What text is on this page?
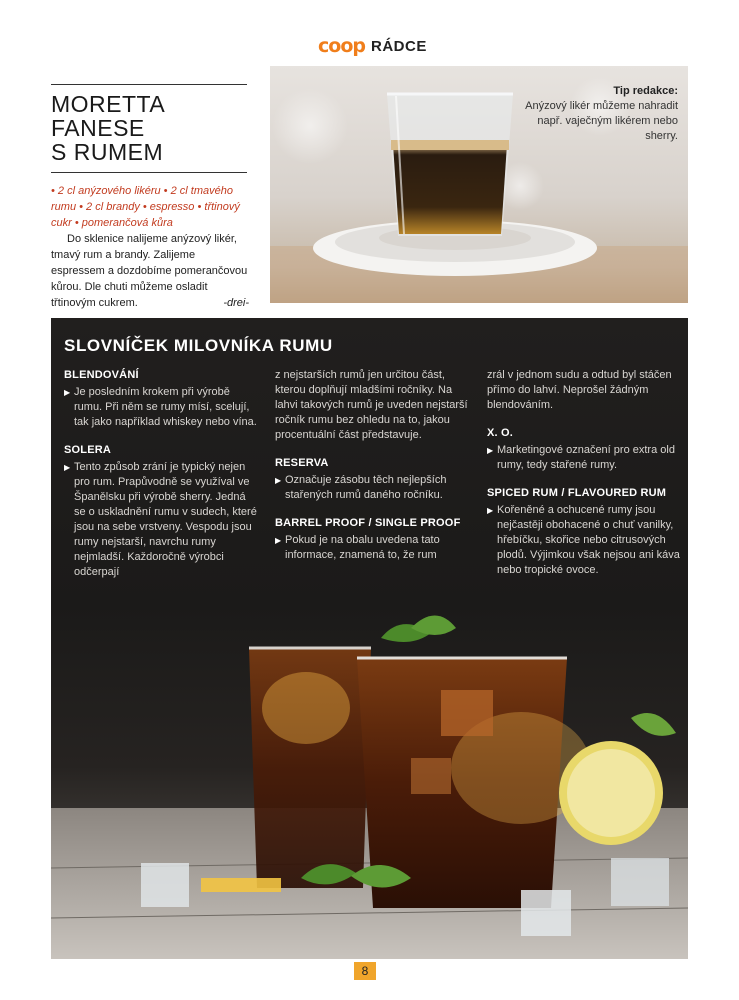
coop RÁDCE
MORETTA
FANESE
S RUMEM
• 2 cl anýzového likéru • 2 cl tmavého rumu • 2 cl brandy • espresso • třtinový cukr • pomerančová kůra
Do sklenice nalijeme anýzový likér, tmavý rum a brandy. Zalijeme espressem a dozdobíme pomerančovou kůrou. Dle chuti můžeme osladit třtinovým cukrem.	-drei-
Tip redakce:
Anýzový likér můžeme nahradit např. vaječným likérem nebo sherry.
SLOVNÍČEK MILOVNÍKA RUMU
BLENDOVÁNÍ
▶ Je posledním krokem při výrobě rumu. Při něm se rumy mísí, scelují, tak jako například whiskey nebo vína.
SOLERA
▶ Tento způsob zrání je typický nejen pro rum. Prapůvodně se využíval ve Španělsku při výrobě sherry. Jedná se o uskladnění rumu v sudech, které jsou na sebe vrstveny. Vespodu jsou rumy nejstarší, navrchu rumy nejmladší. Každoročně výrobci odčerpají
z nejstarších rumů jen určitou část, kterou doplňují mladšími ročníky. Na lahvi takových rumů je uveden nejstarší ročník rumu bez ohledu na to, jakou procentuální část představuje.
RESERVA
▶ Označuje zásobu těch nejlepších stařených rumů daného ročníku.
BARREL PROOF / SINGLE PROOF
▶ Pokud je na obalu uvedena tato informace, znamená to, že rum
zrál v jednom sudu a odtud byl stáčen přímo do lahví. Neprošel žádným blendováním.
X. O.
▶ Marketingové označení pro extra old rumy, tedy stařené rumy.
SPICED RUM / FLAVOURED RUM
▶ Kořeněné a ochucené rumy jsou nejčastěji obohacené o chuť vanilky, hřebíčku, skořice nebo citrusových plodů. Výjimkou však nejsou ani káva nebo tropické ovoce.
8
